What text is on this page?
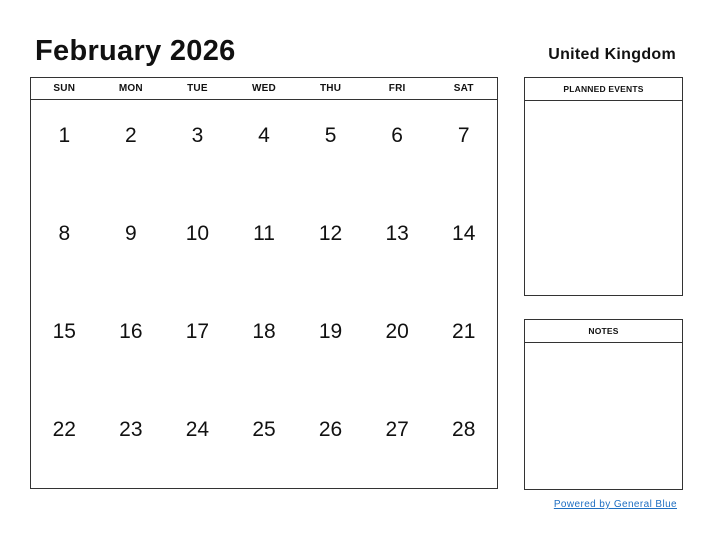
February 2026	United Kingdom
SUN	MON	TUE	WED	THU	FRI	SAT
1	2	3	4	5	6	7
8	9	10	11	12	13	14
15	16	17	18	19	20	21
22	23	24	25	26	27	28
PLANNED EVENTS
NOTES
Powered by General Blue
